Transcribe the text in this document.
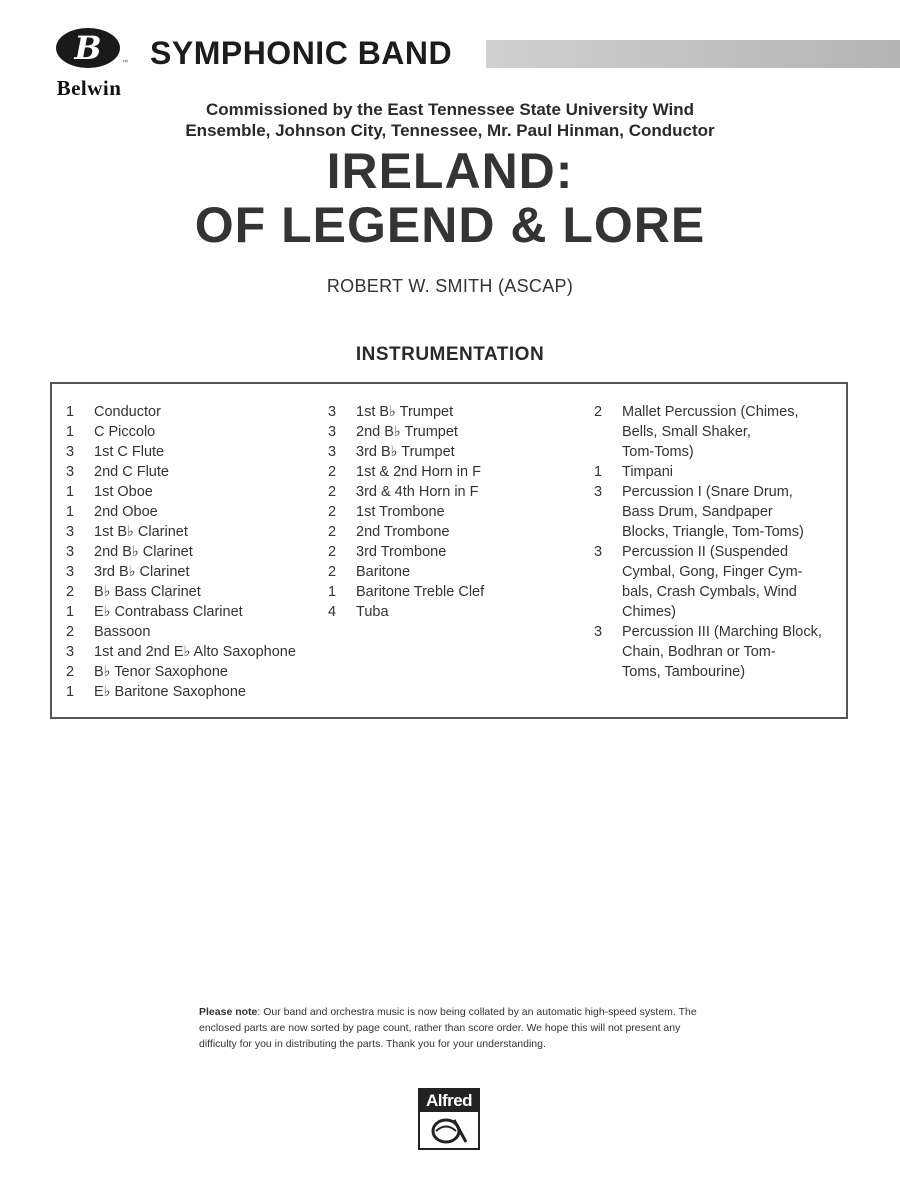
B	™
Belwin
SYMPHONIC BAND
Commissioned by the East Tennessee State University Wind
Ensemble, Johnson City, Tennessee, Mr. Paul Hinman, Conductor
IRELAND:
OF LEGEND & LORE
ROBERT W. SMITH (ASCAP)
INSTRUMENTATION
1	Conductor
1	C Piccolo
3	1st C Flute
3	2nd C Flute
1	1st Oboe
1	2nd Oboe
3	1st B♭ Clarinet
3	2nd B♭ Clarinet
3	3rd B♭ Clarinet
2	B♭ Bass Clarinet
1	E♭ Contrabass Clarinet
2	Bassoon
3	1st and 2nd E♭ Alto Saxophone
2	B♭ Tenor Saxophone
1	E♭ Baritone Saxophone
3	1st B♭ Trumpet
3	2nd B♭ Trumpet
3	3rd B♭ Trumpet
2	1st & 2nd Horn in F
2	3rd & 4th Horn in F
2	1st Trombone
2	2nd Trombone
2	3rd Trombone
2	Baritone
1	Baritone Treble Clef
4	Tuba
2	Mallet Percussion (Chimes,
Bells, Small Shaker,
Tom-Toms)
1	Timpani
3	Percussion I (Snare Drum,
Bass Drum, Sandpaper
Blocks, Triangle, Tom-Toms)
3	Percussion II (Suspended
Cymbal, Gong, Finger Cym-
bals, Crash Cymbals, Wind
Chimes)
3	Percussion III (Marching Block,
Chain, Bodhran or Tom-
Toms, Tambourine)
Please note: Our band and orchestra music is now being collated by an automatic high-speed system. The enclosed parts are now sorted by page count, rather than score order. We hope this will not present any difficulty for you in distributing the parts. Thank you for your understanding.
Alfred
